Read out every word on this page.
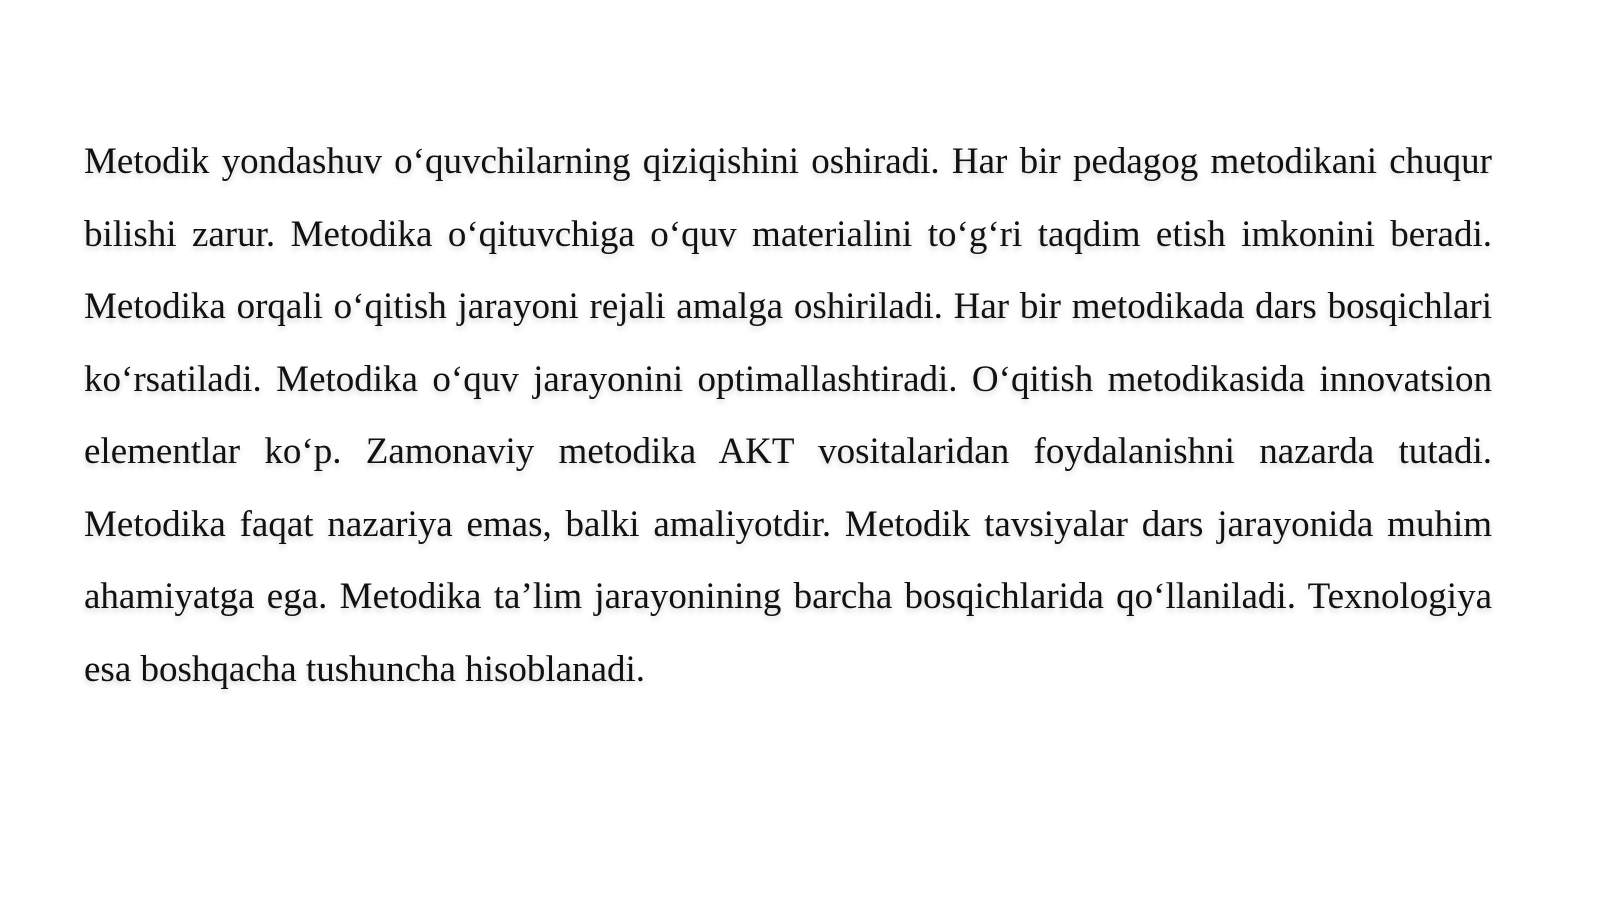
Metodik yondashuv o‘quvchilarning qiziqishini oshiradi. Har bir pedagog metodikani chuqur bilishi zarur. Metodika o‘qituvchiga o‘quv materialini to‘g‘ri taqdim etish imkonini beradi. Metodika orqali o‘qitish jarayoni rejali amalga oshiriladi. Har bir metodikada dars bosqichlari ko‘rsatiladi. Metodika o‘quv jarayonini optimallashtiradi. O‘qitish metodikasida innovatsion elementlar ko‘p. Zamonaviy metodika AKT vositalaridan foydalanishni nazarda tutadi. Metodika faqat nazariya emas, balki amaliyotdir. Metodik tavsiyalar dars jarayonida muhim ahamiyatga ega. Metodika ta’lim jarayonining barcha bosqichlarida qo‘llaniladi. Texnologiya esa boshqacha tushuncha hisoblanadi.
